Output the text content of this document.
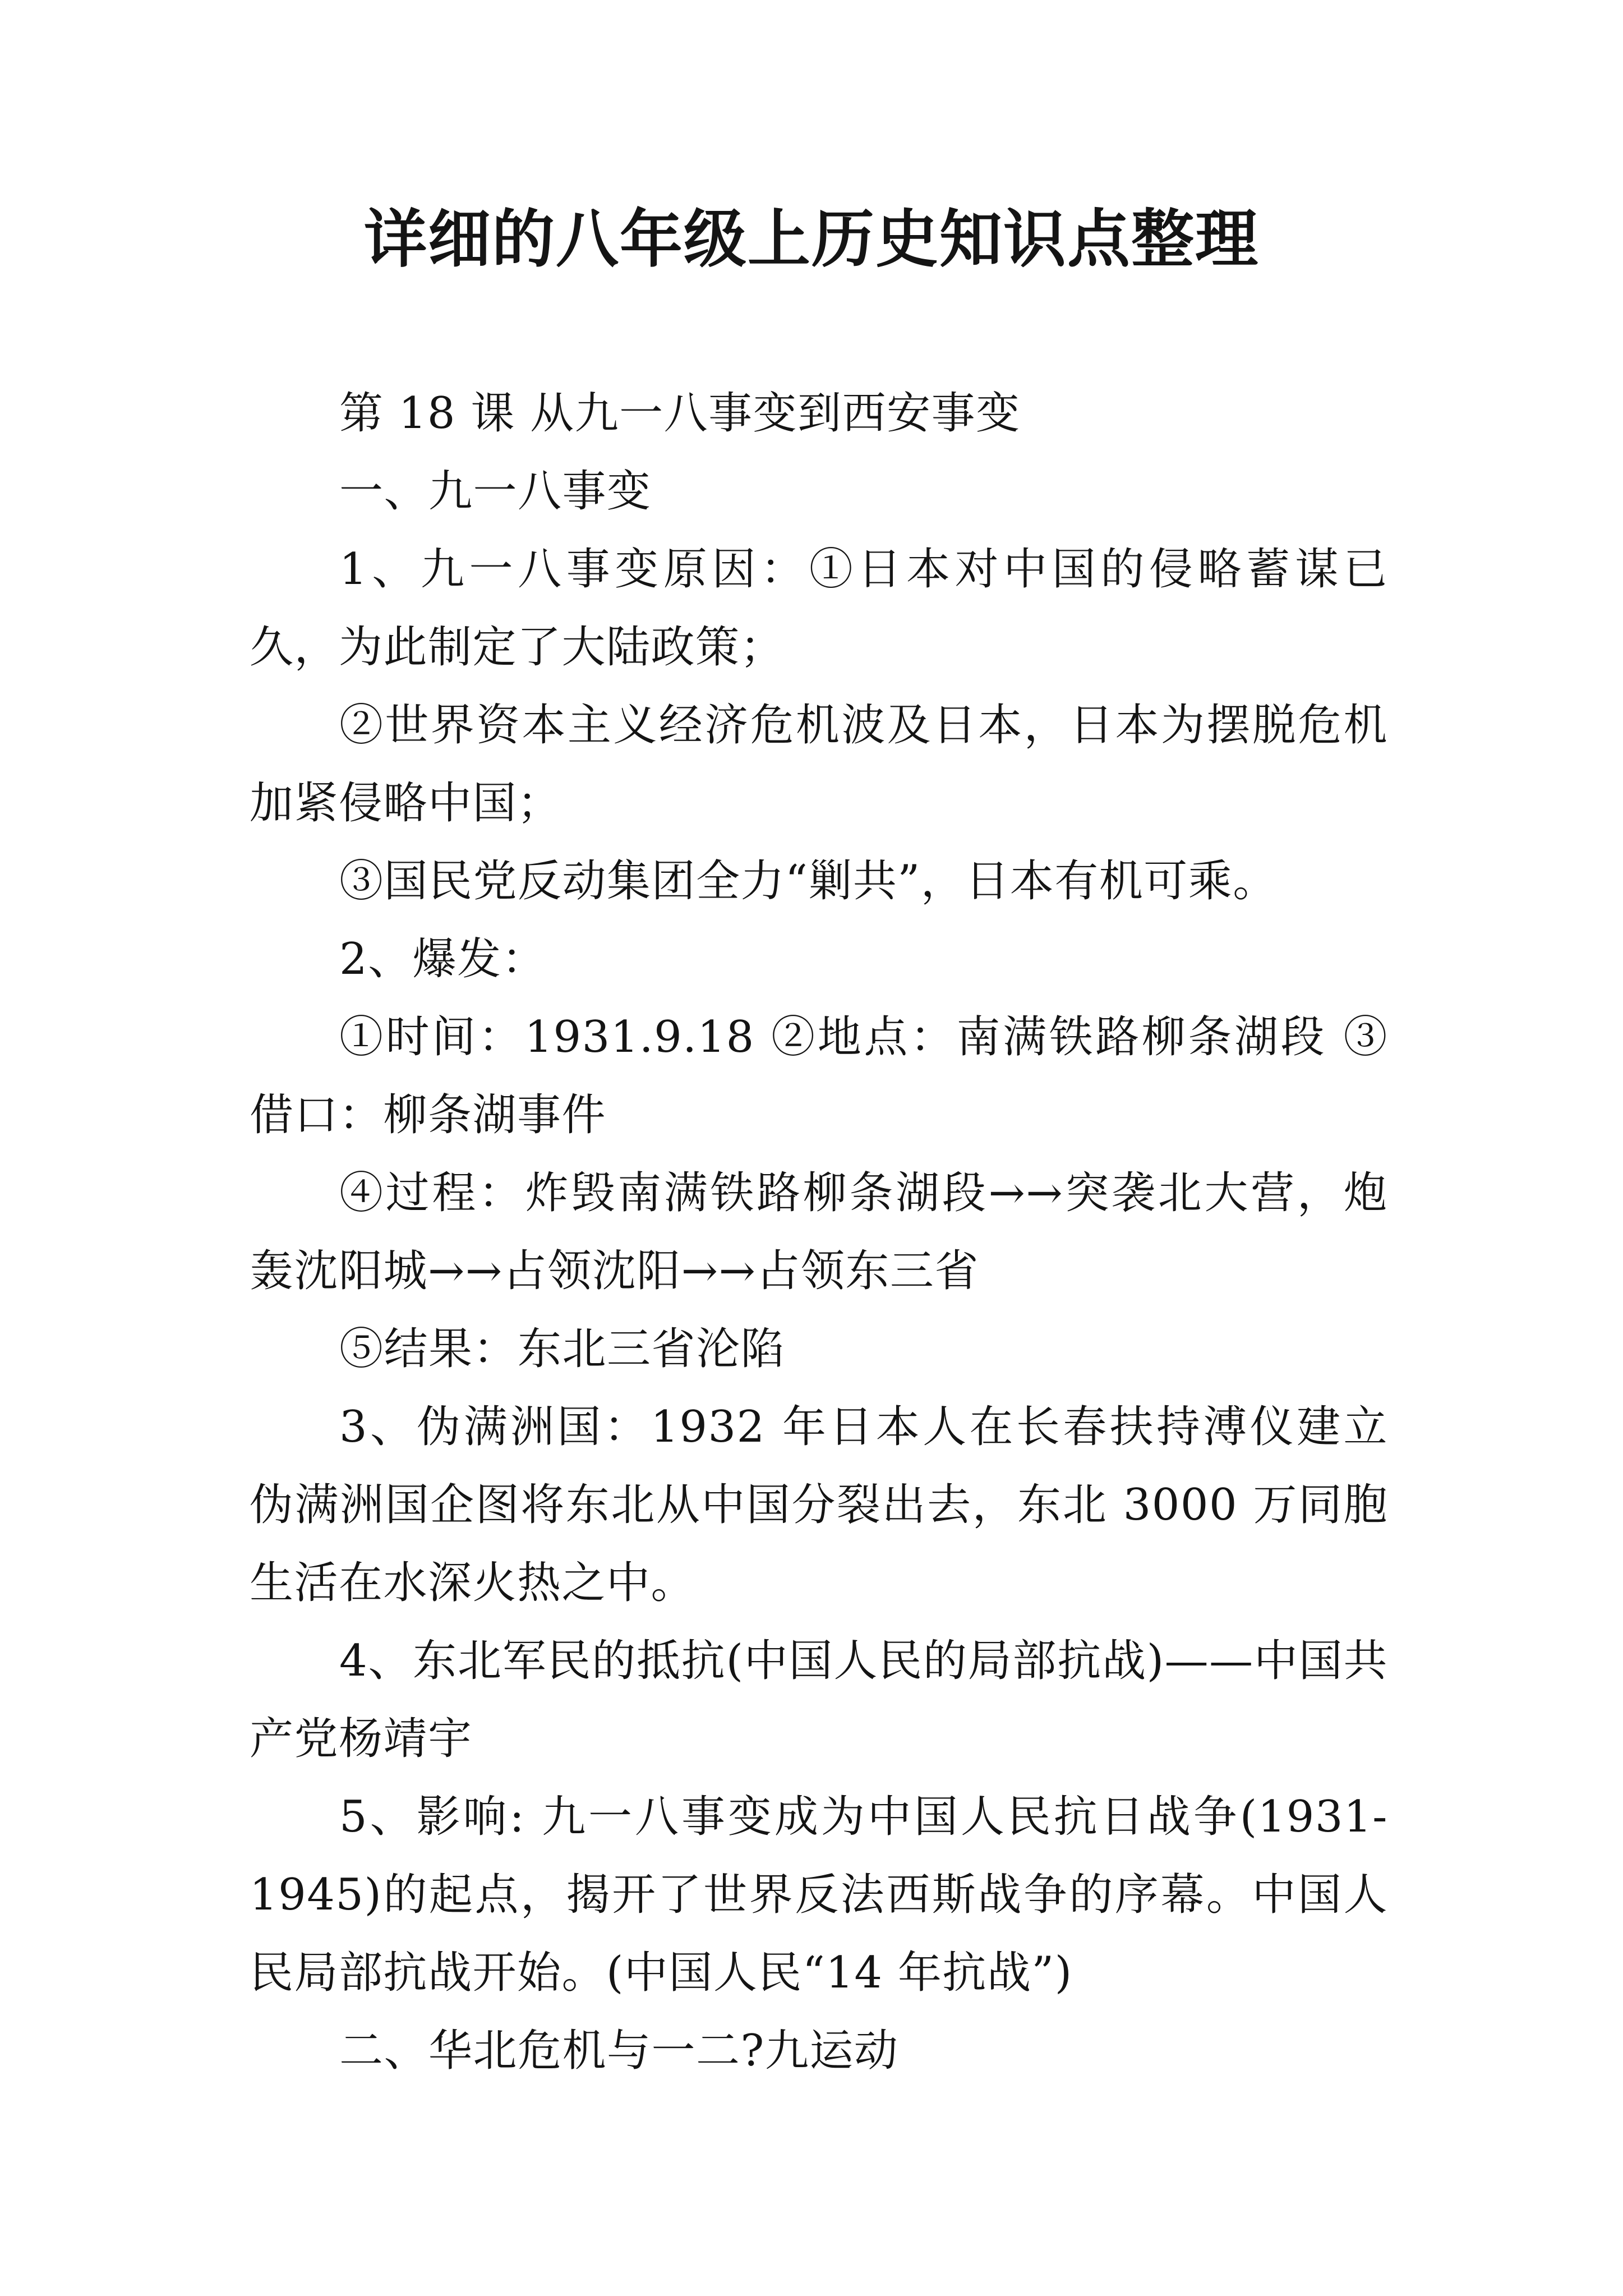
详细的八年级上历史知识点整理

第 18 课 从九一八事变到西安事变

一、九一八事变

1、九一八事变原因：①日本对中国的侵略蓄谋已久，为此制定了大陆政策；

②世界资本主义经济危机波及日本，日本为摆脱危机加紧侵略中国；

③国民党反动集团全力“剿共”，日本有机可乘。

2、爆发：

①时间：1931.9.18 ②地点：南满铁路柳条湖段 ③借口：柳条湖事件

④过程：炸毁南满铁路柳条湖段→→突袭北大营，炮轰沈阳城→→占领沈阳→→占领东三省

⑤结果：东北三省沦陷

3、伪满洲国：1932 年日本人在长春扶持溥仪建立伪满洲国企图将东北从中国分裂出去，东北 3000 万同胞生活在水深火热之中。

4、东北军民的抵抗(中国人民的局部抗战)——中国共产党杨靖宇

5、影响: 九一八事变成为中国人民抗日战争(1931-1945)的起点，揭开了世界反法西斯战争的序幕。中国人民局部抗战开始。(中国人民“14 年抗战”)

二、华北危机与一二?九运动
